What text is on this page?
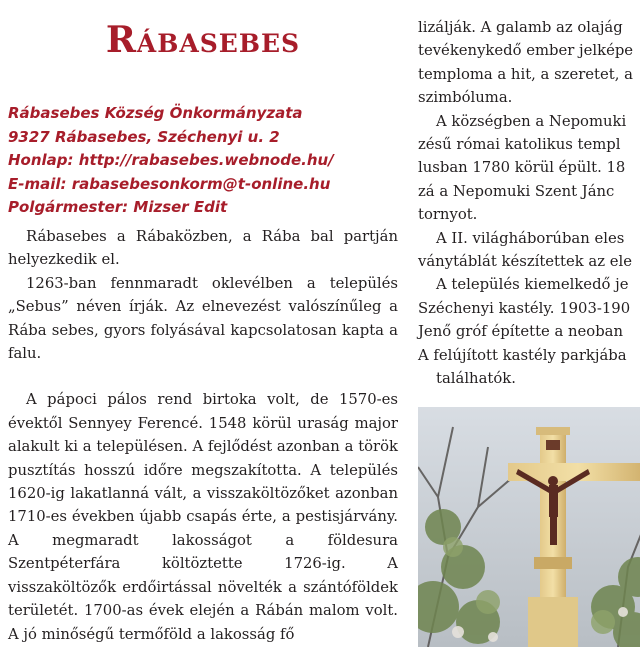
Rábasebes
Rábasebes Község Önkormányzata
9327 Rábasebes, Széchenyi u. 2
Honlap: http://rabasebes.webnode.hu/
E-mail: rabasebesonkorm@t-online.hu
Polgármester: Mizser Edit

Rábasebes a Rábaközben, a Rába bal partján helyezkedik el.

1263-ban fennmaradt oklevélben a település „Sebus” néven írják. Az elnevezést valószínűleg a Rába sebes, gyors folyásával kapcsolatosan kapta a falu.

A pápoci pálos rend birtoka volt, de 1570-es évektől Sennyey Ferencé. 1548 körül uraság major alakult ki a településen. A fejlődést azonban a török pusztítás hosszú időre megszakította. A település 1620-ig lakatlanná vált, a visszaköltözőket azonban 1710-es években újabb csapás érte, a pestisjárvány. A megmaradt lakosságot a földesura Szentpéterfára költöztette 1726-ig. A visszaköltözők erdőirtással növelték a szántóföldek területét. 1700-as évek elején a Rábán malom volt. A jó minőségű termőföld a lakosság fő

lizálják. A galamb az olajág

tevékenykedő ember jelképe

temploma a hit, a szeretet, a

szimbóluma.

A községben a Nepomuki

zésű római katolikus templ

lusban 1780 körül épült. 18

zá a Nepomuki Szent Jánc

tornyot.

A II. világháborúban eles

ványtáblát készítettek az ele

A település kiemelkedő je

Széchenyi kastély. 1903-190

Jenő gróf építette a neoban

A felújított kastély parkjába

találhatók.
